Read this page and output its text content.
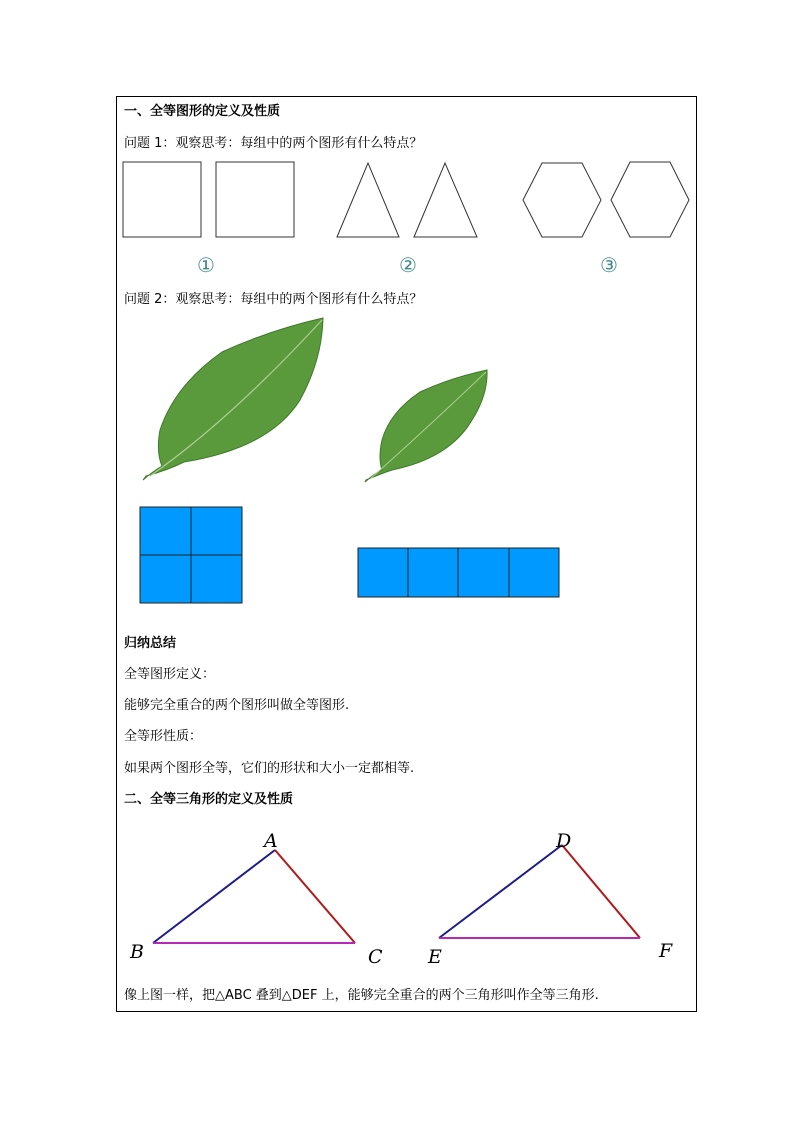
一、全等图形的定义及性质
问题 1：观察思考：每组中的两个图形有什么特点？
A
B	C
D
E	F
①	②	③
问题 2：观察思考：每组中的两个图形有什么特点？
归纳总结
全等图形定义：
能够完全重合的两个图形叫做全等图形.
全等形性质：
如果两个图形全等，它们的形状和大小一定都相等.
二、全等三角形的定义及性质
像上图一样，把△ABC 叠到△DEF 上，能够完全重合的两个三角形叫作全等三角形.
